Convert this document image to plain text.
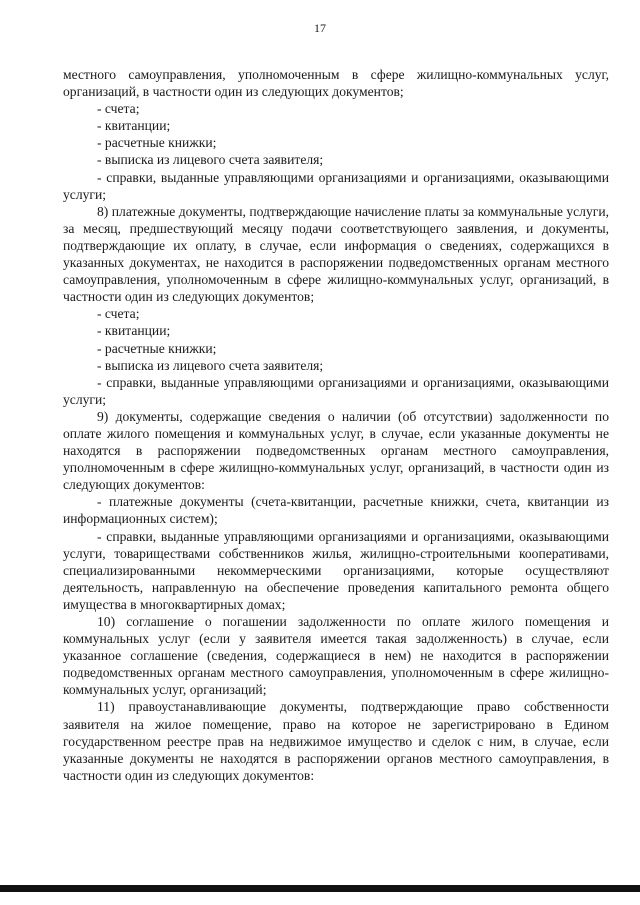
17

местного самоуправления, уполномоченным в сфере жилищно-коммунальных услуг, организаций, в частности один из следующих документов;

- счета;

- квитанции;

- расчетные книжки;

- выписка из лицевого счета заявителя;

- справки, выданные управляющими организациями и организациями, оказывающими услуги;

8) платежные документы, подтверждающие начисление платы за коммунальные услуги, за месяц, предшествующий месяцу подачи соответствующего заявления, и документы, подтверждающие их оплату, в случае, если информация о сведениях, содержащихся в указанных документах, не находится в распоряжении подведомственных органам местного самоуправления, уполномоченным в сфере жилищно-коммунальных услуг, организаций, в частности один из следующих документов;

- счета;

- квитанции;

- расчетные книжки;

- выписка из лицевого счета заявителя;

- справки, выданные управляющими организациями и организациями, оказывающими услуги;

9) документы, содержащие сведения о наличии (об отсутствии) задолженности по оплате жилого помещения и коммунальных услуг, в случае, если указанные документы не находятся в распоряжении подведомственных органам местного самоуправления, уполномоченным в сфере жилищно-коммунальных услуг, организаций, в частности один из следующих документов:

- платежные документы (счета-квитанции, расчетные книжки, счета, квитанции из информационных систем);

- справки, выданные управляющими организациями и организациями, оказывающими услуги, товариществами собственников жилья, жилищно-строительными кооперативами, специализированными некоммерческими организациями, которые осуществляют деятельность, направленную на обеспечение проведения капитального ремонта общего имущества в многоквартирных домах;

10) соглашение о погашении задолженности по оплате жилого помещения и коммунальных услуг (если у заявителя имеется такая задолженность) в случае, если указанное соглашение (сведения, содержащиеся в нем) не находится в распоряжении подведомственных органам местного самоуправления, уполномоченным в сфере жилищно-коммунальных услуг, организаций;

11) правоустанавливающие документы, подтверждающие право собственности заявителя на жилое помещение, право на которое не зарегистрировано в Едином государственном реестре прав на недвижимое имущество и сделок с ним, в случае, если указанные документы не находятся в распоряжении органов местного самоуправления, в частности один из следующих документов:
